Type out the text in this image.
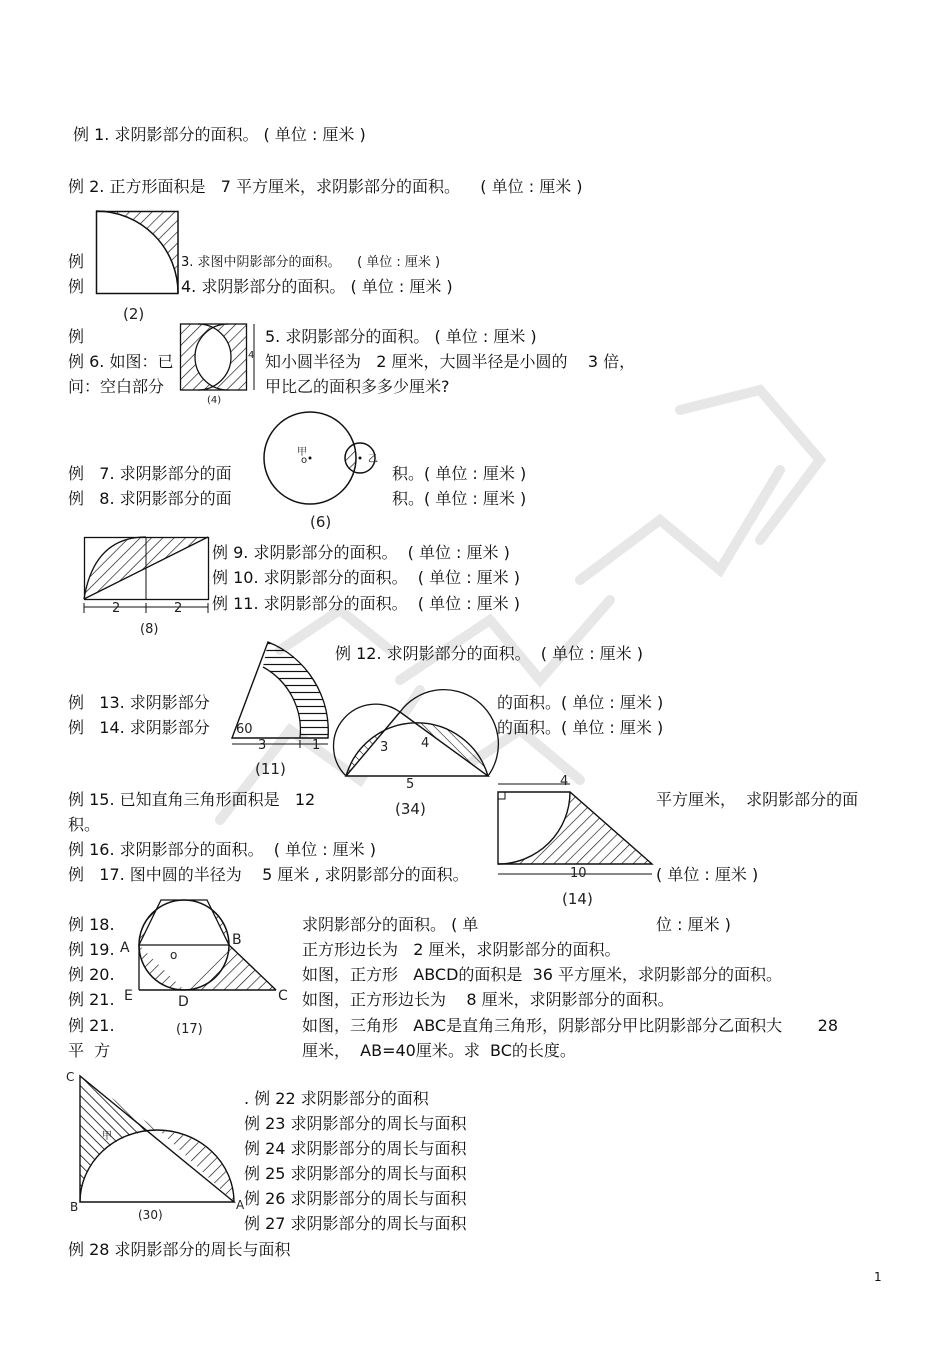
例 1. 求阴影部分的面积。 ( 单位 : 厘米 )
例 2. 正方形面积是   7 平方厘米，求阴影部分的面积。    ( 单位 : 厘米 )
例	3. 求图中阴影部分的面积。    ( 单位 : 厘米 )
例	4. 求阴影部分的面积。 ( 单位 : 厘米 )
例	5. 求阴影部分的面积。 ( 单位 : 厘米 )
例 6. 如图：已	知小圆半径为   2 厘米，大圆半径是小圆的    3 倍，
问：空白部分	甲比乙的面积多多少厘米?
例   7. 求阴影部分的面	积。( 单位 : 厘米 )
例   8. 求阴影部分的面	积。( 单位 : 厘米 )
例 9. 求阴影部分的面积。  ( 单位 : 厘米 )
例 10. 求阴影部分的面积。  ( 单位 : 厘米 )
例 11. 求阴影部分的面积。  ( 单位 : 厘米 )
例 12. 求阴影部分的面积。  ( 单位 : 厘米 )
例   13. 求阴影部分	的面积。( 单位 : 厘米 )
例   14. 求阴影部分	的面积。( 单位 : 厘米 )
例 15. 已知直角三角形面积是   12	平方厘米，  求阴影部分的面
积。
例 16. 求阴影部分的面积。  ( 单位 : 厘米 )
例   17. 图中圆的半径为    5 厘米 , 求阴影部分的面积。	( 单位 : 厘米 )
例 18.	求阴影部分的面积。 ( 单	位 : 厘米 )
例 19.	正方形边长为   2 厘米，求阴影部分的面积。
例 20.	如图，正方形   ABCD的面积是  36 平方厘米，求阴影部分的面积。
例 21.	如图，正方形边长为    8 厘米，求阴影部分的面积。
例 21.	如图，三角形   ABC是直角三角形，阴影部分甲比阴影部分乙面积大       28
平  方	厘米，  AB=40厘米。求  BC的长度。
. 例 22 求阴影部分的面积
例 23 求阴影部分的周长与面积
例 24 求阴影部分的周长与面积
例 25 求阴影部分的周长与面积
例 26 求阴影部分的周长与面积
例 27 求阴影部分的周长与面积
例 28 求阴影部分的周长与面积
1
(2)
4
(4)
甲
o	乙
(6)
2	2
(8)
60
3	1
(11)
3	4
5
(34)
4
10
(14)
A	B
C
D
E
o
(17)
C
B	A
甲
(30)
